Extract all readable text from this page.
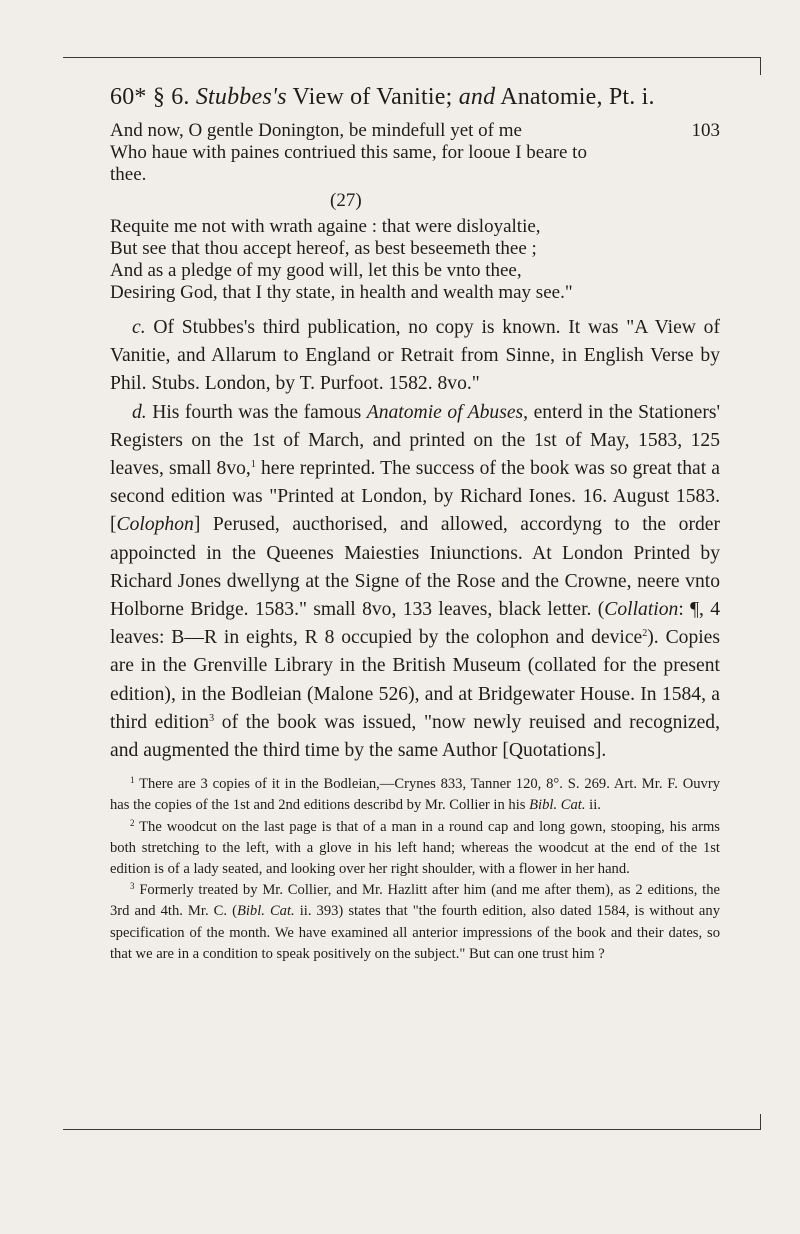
60* § 6. Stubbes's View of Vanitie; and Anatomie, Pt. i.
And now, O gentle Donington, be mindefull yet of me	103
Who haue with paines contriued this same, for looue I beare to
thee.
(27)
Requite me not with wrath againe : that were disloyaltie,
But see that thou accept hereof, as best beseemeth thee ;
And as a pledge of my good will, let this be vnto thee,
Desiring God, that I thy state, in health and wealth may see."

c. Of Stubbes's third publication, no copy is known. It was "A View of Vanitie, and Allarum to England or Retrait from Sinne, in English Verse by Phil. Stubs. London, by T. Purfoot. 1582. 8vo."

d. His fourth was the famous Anatomie of Abuses, enterd in the Stationers' Registers on the 1st of March, and printed on the 1st of May, 1583, 125 leaves, small 8vo,$^1$ here reprinted. The success of the book was so great that a second edition was "Printed at London, by Richard Iones. 16. August 1583. [Colophon] Perused, aucthorised, and allowed, accordyng to the order appoincted in the Queenes Maiesties Iniunctions. At London Printed by Richard Jones dwellyng at the Signe of the Rose and the Crowne, neere vnto Holborne Bridge. 1583." small 8vo, 133 leaves, black letter. (Collation: ¶, 4 leaves: B—R in eights, R 8 occupied by the colophon and device$^2$). Copies are in the Grenville Library in the British Museum (collated for the present edition), in the Bodleian (Malone 526), and at Bridgewater House. In 1584, a third edition$^3$ of the book was issued, "now newly reuised and recognized, and augmented the third time by the same Author [Quotations].

$^1$ There are 3 copies of it in the Bodleian,—Crynes 833, Tanner 120, 8°. S. 269. Art. Mr. F. Ouvry has the copies of the 1st and 2nd editions describd by Mr. Collier in his Bibl. Cat. ii.

$^2$ The woodcut on the last page is that of a man in a round cap and long gown, stooping, his arms both stretching to the left, with a glove in his left hand; whereas the woodcut at the end of the 1st edition is of a lady seated, and looking over her right shoulder, with a flower in her hand.

$^3$ Formerly treated by Mr. Collier, and Mr. Hazlitt after him (and me after them), as 2 editions, the 3rd and 4th. Mr. C. (Bibl. Cat. ii. 393) states that "the fourth edition, also dated 1584, is without any specification of the month. We have examined all anterior impressions of the book and their dates, so that we are in a condition to speak positively on the subject." But can one trust him ?
